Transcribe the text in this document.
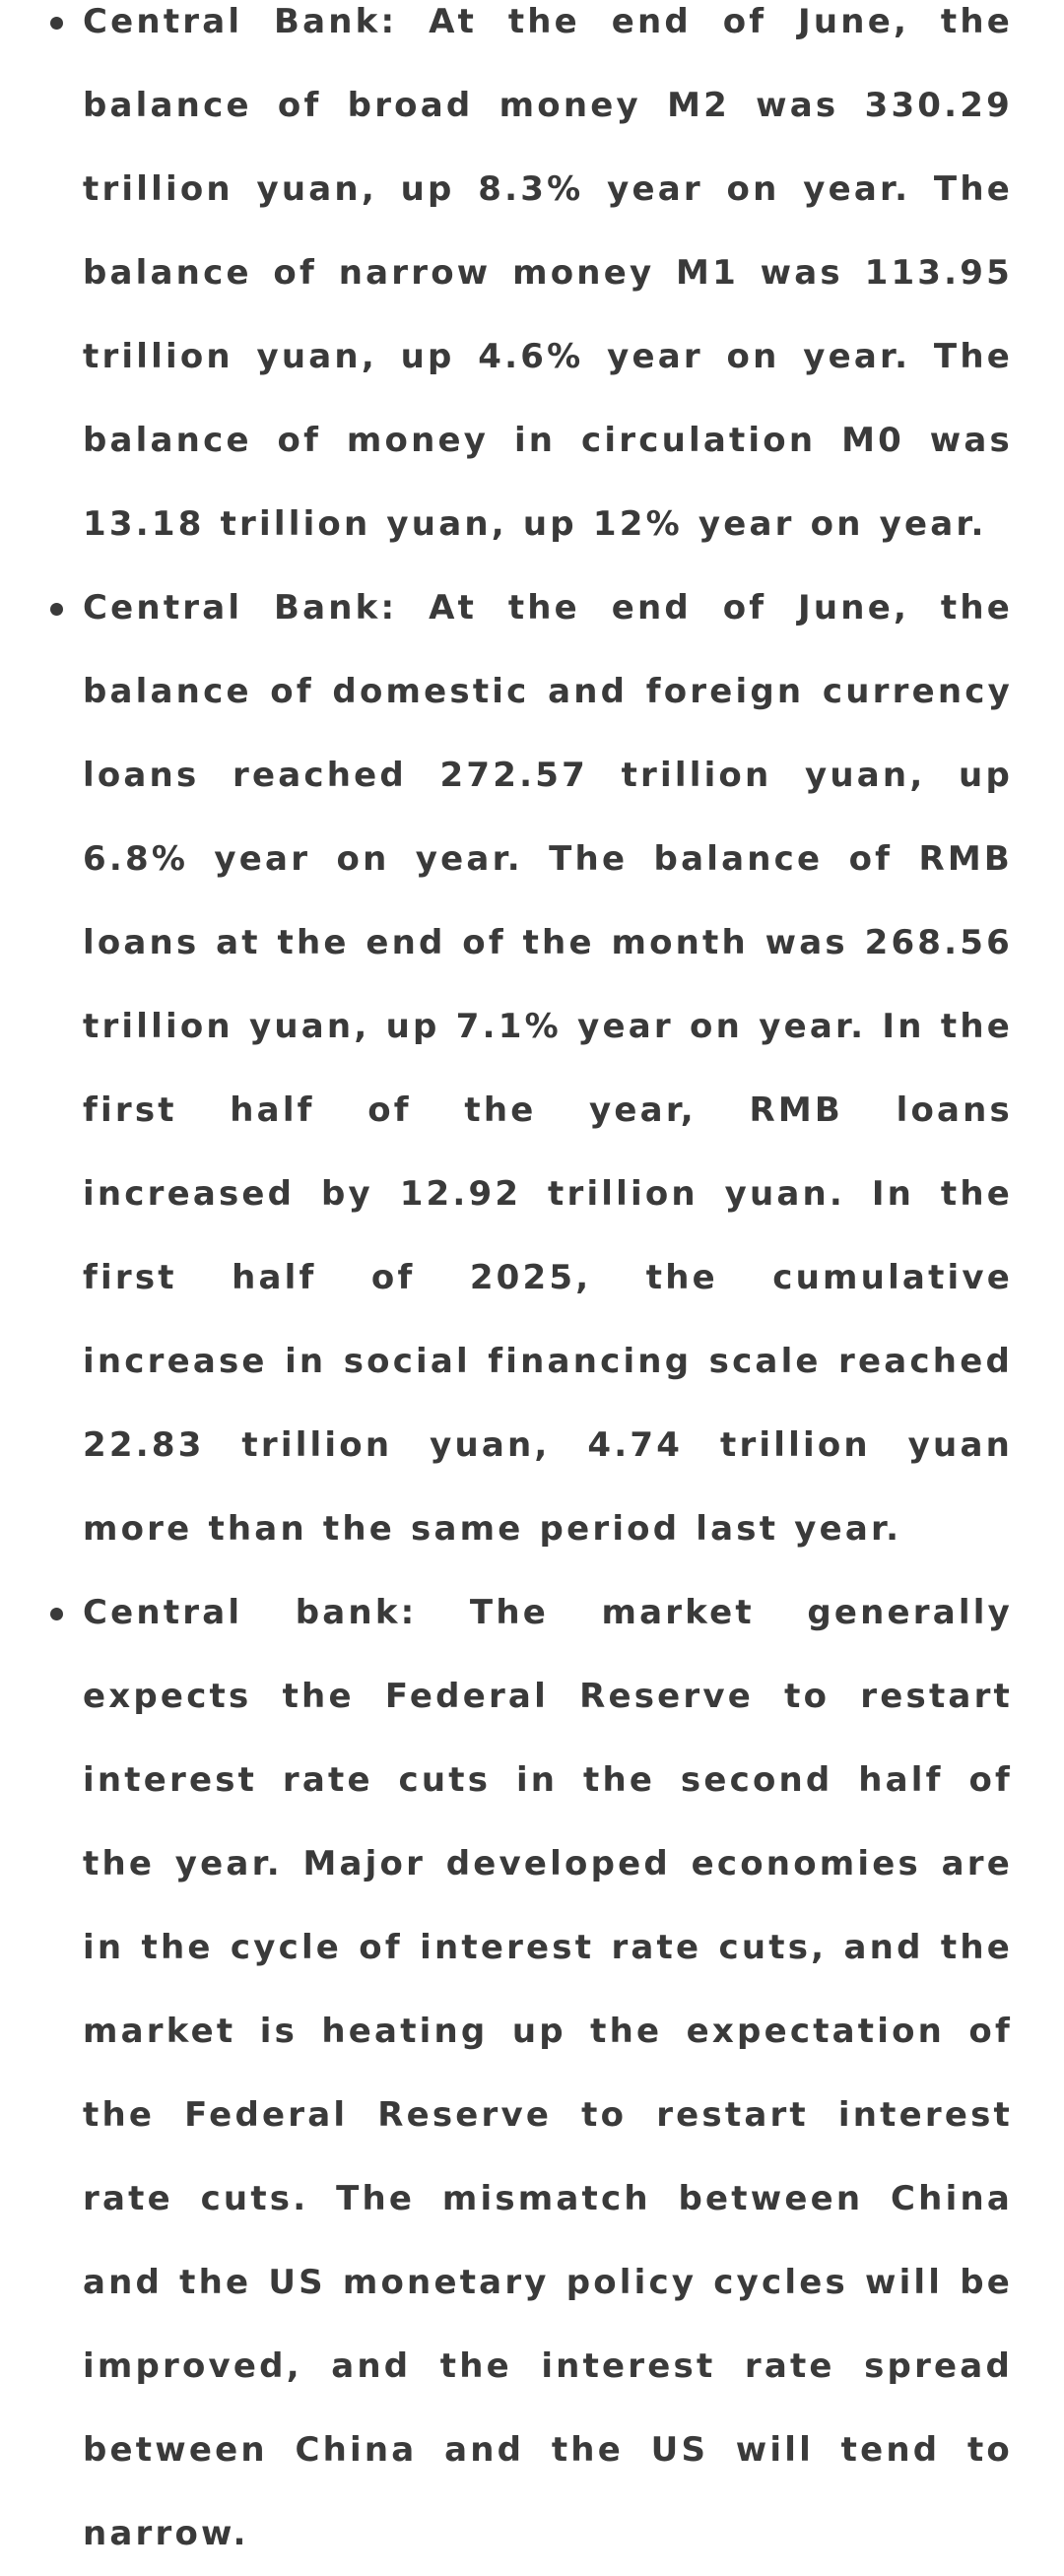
Central Bank: At the end of June, the balance of broad money M2 was 330.29 trillion yuan, up 8.3% year on year. The balance of narrow money M1 was 113.95 trillion yuan, up 4.6% year on year. The balance of money in circulation M0 was 13.18 trillion yuan, up 12% year on year.
Central Bank: At the end of June, the balance of domestic and foreign currency loans reached 272.57 trillion yuan, up 6.8% year on year. The balance of RMB loans at the end of the month was 268.56 trillion yuan, up 7.1% year on year. In the first half of the year, RMB loans increased by 12.92 trillion yuan. In the first half of 2025, the cumulative increase in social financing scale reached 22.83 trillion yuan, 4.74 trillion yuan more than the same period last year.
Central bank: The market generally expects the Federal Reserve to restart interest rate cuts in the second half of the year. Major developed economies are in the cycle of interest rate cuts, and the market is heating up the expectation of the Federal Reserve to restart interest rate cuts. The mismatch between China and the US monetary policy cycles will be improved, and the interest rate spread between China and the US will tend to narrow.
